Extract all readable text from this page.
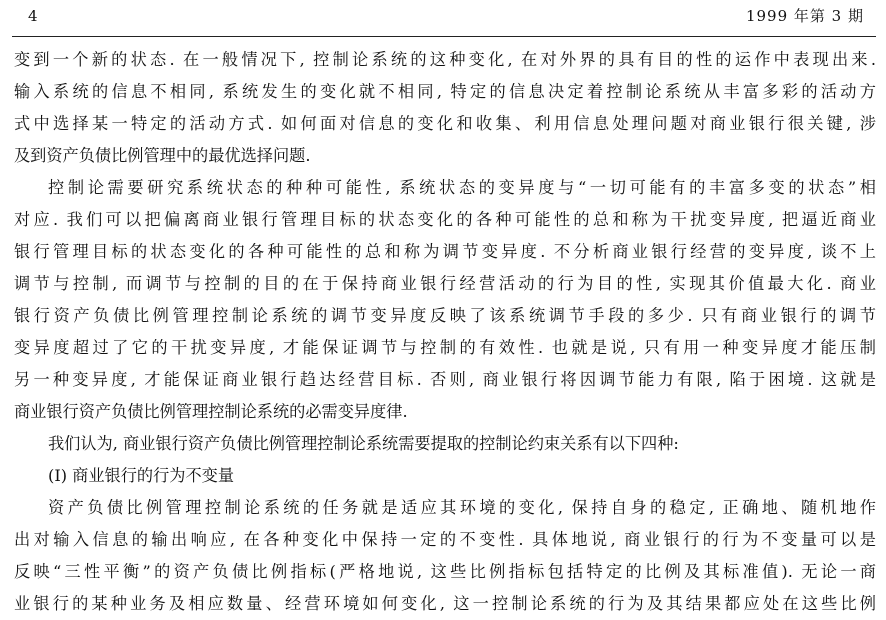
4	1999 年第 3 期
变到一个新的状态. 在一般情况下, 控制论系统的这种变化, 在对外界的具有目的性的运作中表现出来.
输入系统的信息不相同, 系统发生的变化就不相同, 特定的信息决定着控制论系统从丰富多彩的活动方
式中选择某一特定的活动方式. 如何面对信息的变化和收集、利用信息处理问题对商业银行很关键, 涉
及到资产负债比例管理中的最优选择问题.
控制论需要研究系统状态的种种可能性, 系统状态的变异度与“一切可能有的丰富多变的状态”相
对应. 我们可以把偏离商业银行管理目标的状态变化的各种可能性的总和称为干扰变异度, 把逼近商业
银行管理目标的状态变化的各种可能性的总和称为调节变异度. 不分析商业银行经营的变异度, 谈不上
调节与控制, 而调节与控制的目的在于保持商业银行经营活动的行为目的性, 实现其价值最大化. 商业
银行资产负债比例管理控制论系统的调节变异度反映了该系统调节手段的多少. 只有商业银行的调节
变异度超过了它的干扰变异度, 才能保证调节与控制的有效性. 也就是说, 只有用一种变异度才能压制
另一种变异度, 才能保证商业银行趋达经营目标. 否则, 商业银行将因调节能力有限, 陷于困境. 这就是
商业银行资产负债比例管理控制论系统的必需变异度律.
我们认为, 商业银行资产负债比例管理控制论系统需要提取的控制论约束关系有以下四种:
(Ⅰ) 商业银行的行为不变量
资产负债比例管理控制论系统的任务就是适应其环境的变化, 保持自身的稳定, 正确地、随机地作
出对输入信息的输出响应, 在各种变化中保持一定的不变性. 具体地说, 商业银行的行为不变量可以是
反映“三性平衡”的资产负债比例指标(严格地说, 这些比例指标包括特定的比例及其标准值). 无论一商
业银行的某种业务及相应数量、经营环境如何变化, 这一控制论系统的行为及其结果都应处在这些比例
